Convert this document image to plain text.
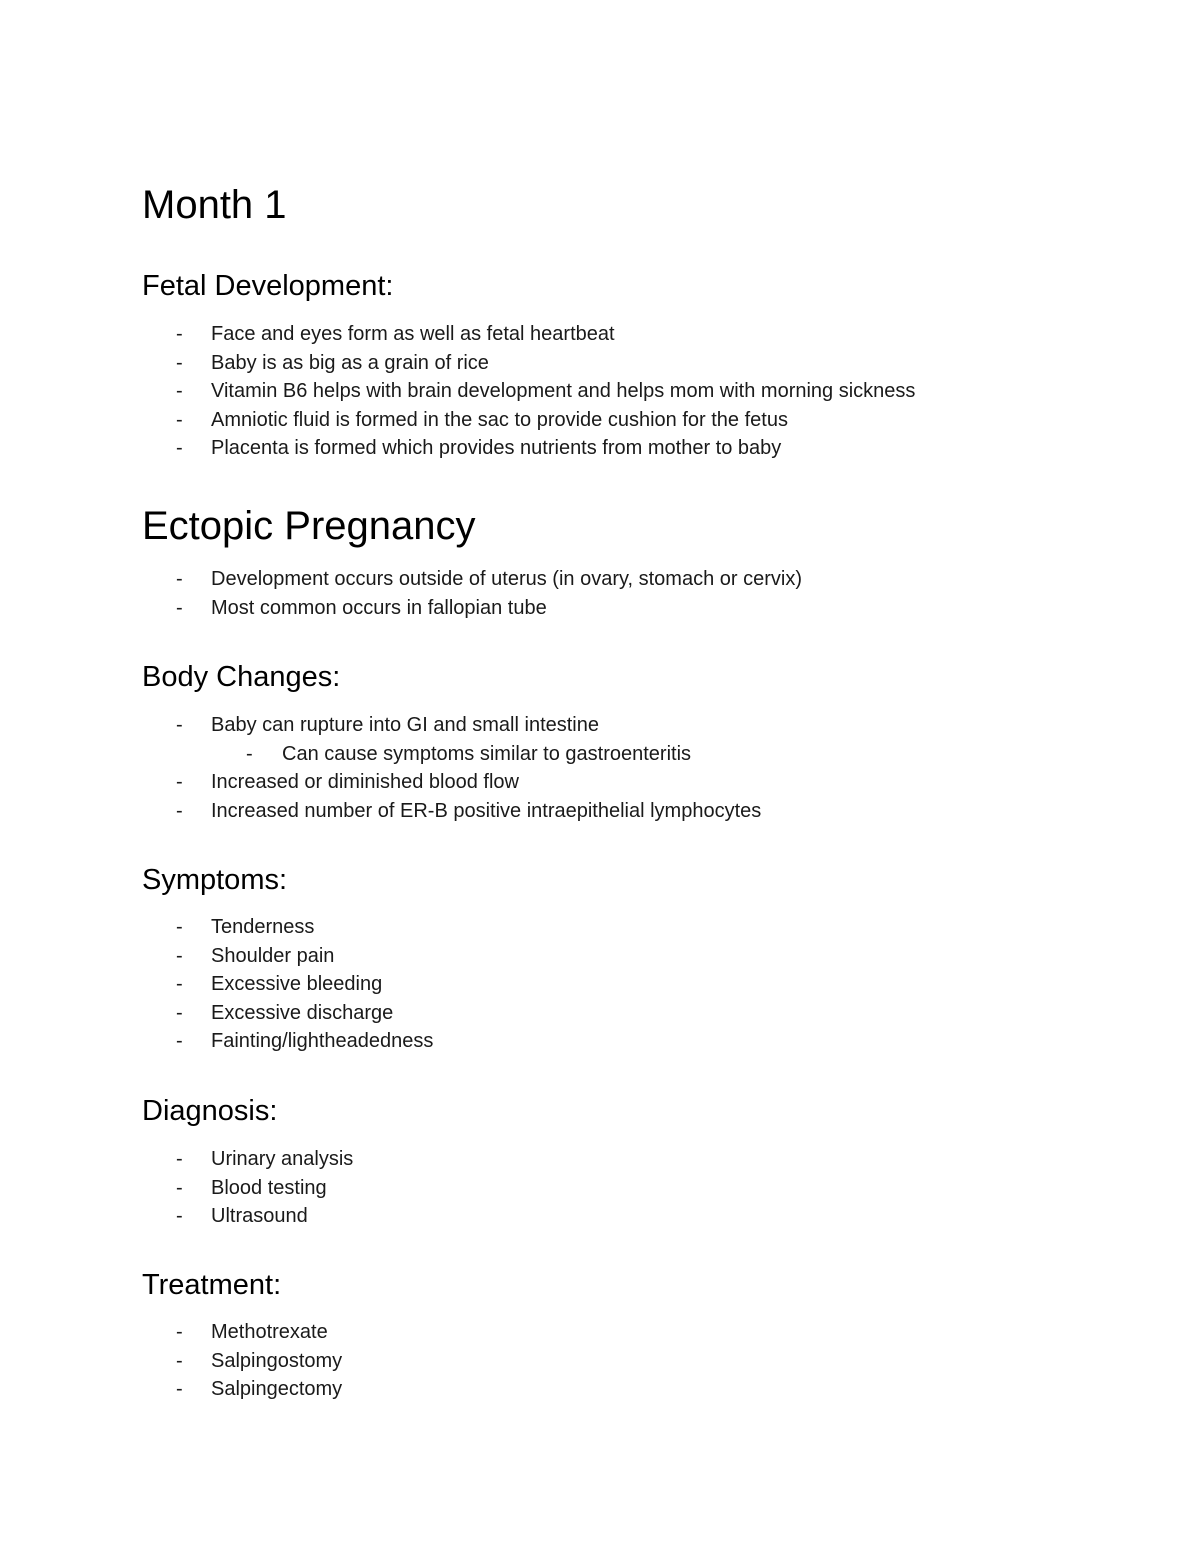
Month 1
Fetal Development:
- Face and eyes form as well as fetal heartbeat
- Baby is as big as a grain of rice
- Vitamin B6 helps with brain development and helps mom with morning sickness
- Amniotic fluid is formed in the sac to provide cushion for the fetus
- Placenta is formed which provides nutrients from mother to baby
Ectopic Pregnancy
- Development occurs outside of uterus (in ovary, stomach or cervix)
- Most common occurs in fallopian tube
Body Changes:
- Baby can rupture into GI and small intestine
- Can cause symptoms similar to gastroenteritis
- Increased or diminished blood flow
- Increased number of ER-B positive intraepithelial lymphocytes
Symptoms:
- Tenderness
- Shoulder pain
- Excessive bleeding
- Excessive discharge
- Fainting/lightheadedness
Diagnosis:
- Urinary analysis
- Blood testing
- Ultrasound
Treatment:
- Methotrexate
- Salpingostomy
- Salpingectomy
